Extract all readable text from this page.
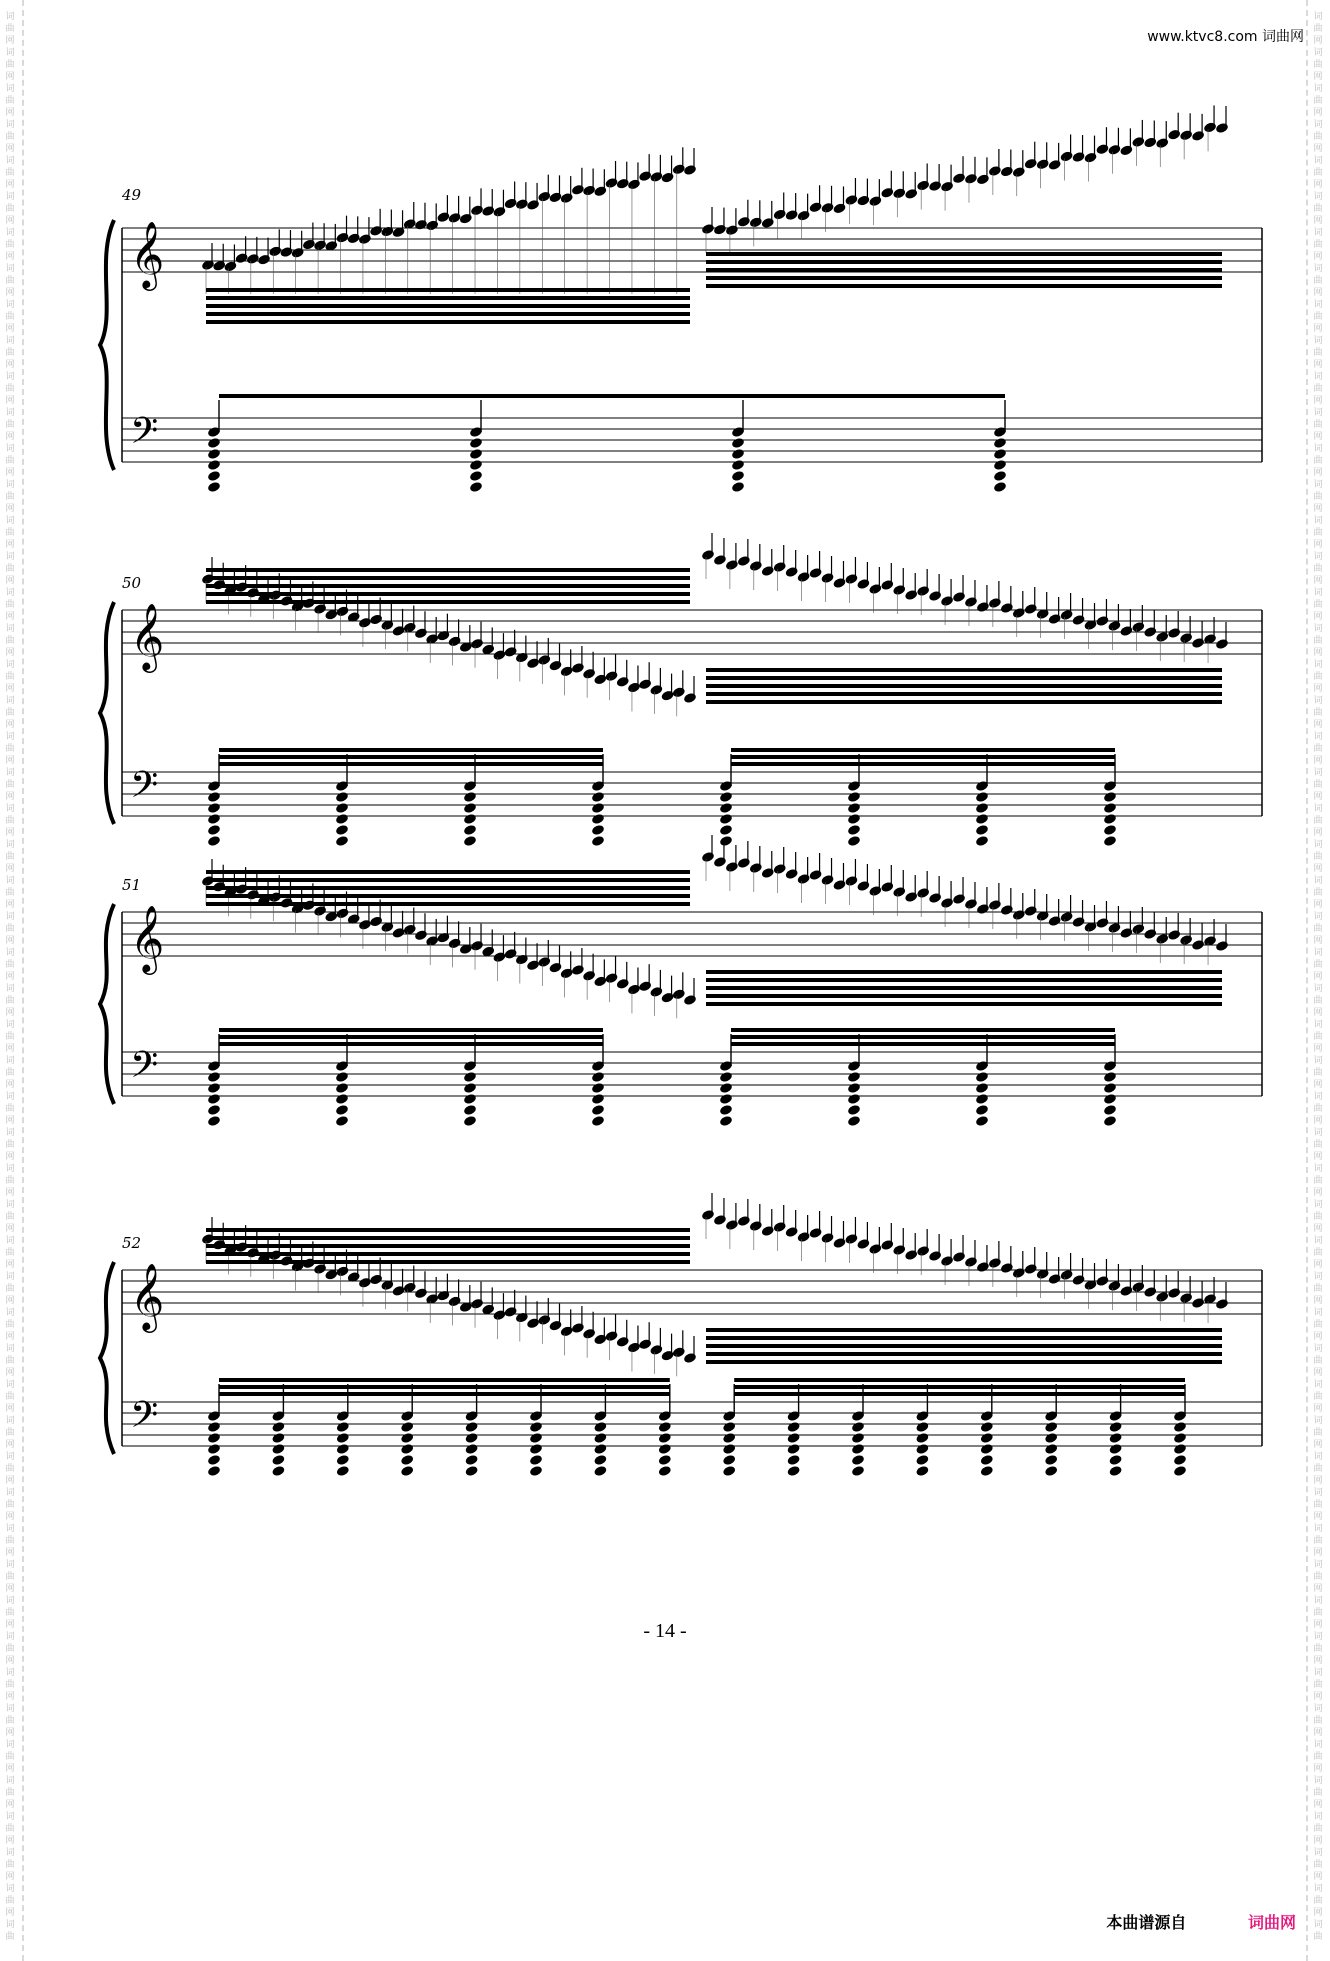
词
曲
网
词
曲
网
词
曲
网
词
曲
网
词
曲
网
词
曲
网
词
曲
网
词
曲
网
词
曲
网
词
曲
网
词
曲
网
词
曲
网
词
曲
网
词
曲
网
词
曲
网
词
曲
网
词
曲
网
词
曲
网
词
曲
网
词
曲
网
词
曲
网
词
曲
网
词
曲
网
词
曲
网
词
曲
网
词
曲
网
词
曲
网
词
曲
网
词
曲
网
词
曲
网
词
曲
网
词
曲
网
词
曲
网
词
曲
网
词
曲
网
词
曲
网
词
曲
网
词
曲
网
词
曲
网
词
曲
网
词
曲
网
词
曲
网
词
曲
网
词
曲
网
词
曲
网
词
曲
网
词
曲
网
词
曲
网
词
曲
网
词
曲
网
词
曲
网
词
曲
网
词
曲
网
词
曲
词
曲
网
词
曲
网
词
曲
网
词
曲
网
词
曲
网
词
曲
网
词
曲
网
词
曲
网
词
曲
网
词
曲
网
词
曲
网
词
曲
网
词
曲
网
词
曲
网
词
曲
网
词
曲
网
词
曲
网
词
曲
网
词
曲
网
词
曲
网
词
曲
网
词
曲
网
词
曲
网
词
曲
网
词
曲
网
词
曲
网
词
曲
网
词
曲
网
词
曲
网
词
曲
网
词
曲
网
词
曲
网
词
曲
网
词
曲
网
词
曲
网
词
曲
网
词
曲
网
词
曲
网
词
曲
网
词
曲
网
词
曲
网
词
曲
网
词
曲
网
词
曲
网
词
曲
网
词
曲
网
词
曲
网
词
曲
网
词
曲
网
词
曲
网
词
曲
网
词
曲
网
词
曲
网
词
曲
www.ktvc8.com 词曲网
𝄞
𝄢
49
𝄞
𝄢
50
𝄞
𝄢
51
𝄞
𝄢
52
- 14 -
本曲谱源自	词曲网
